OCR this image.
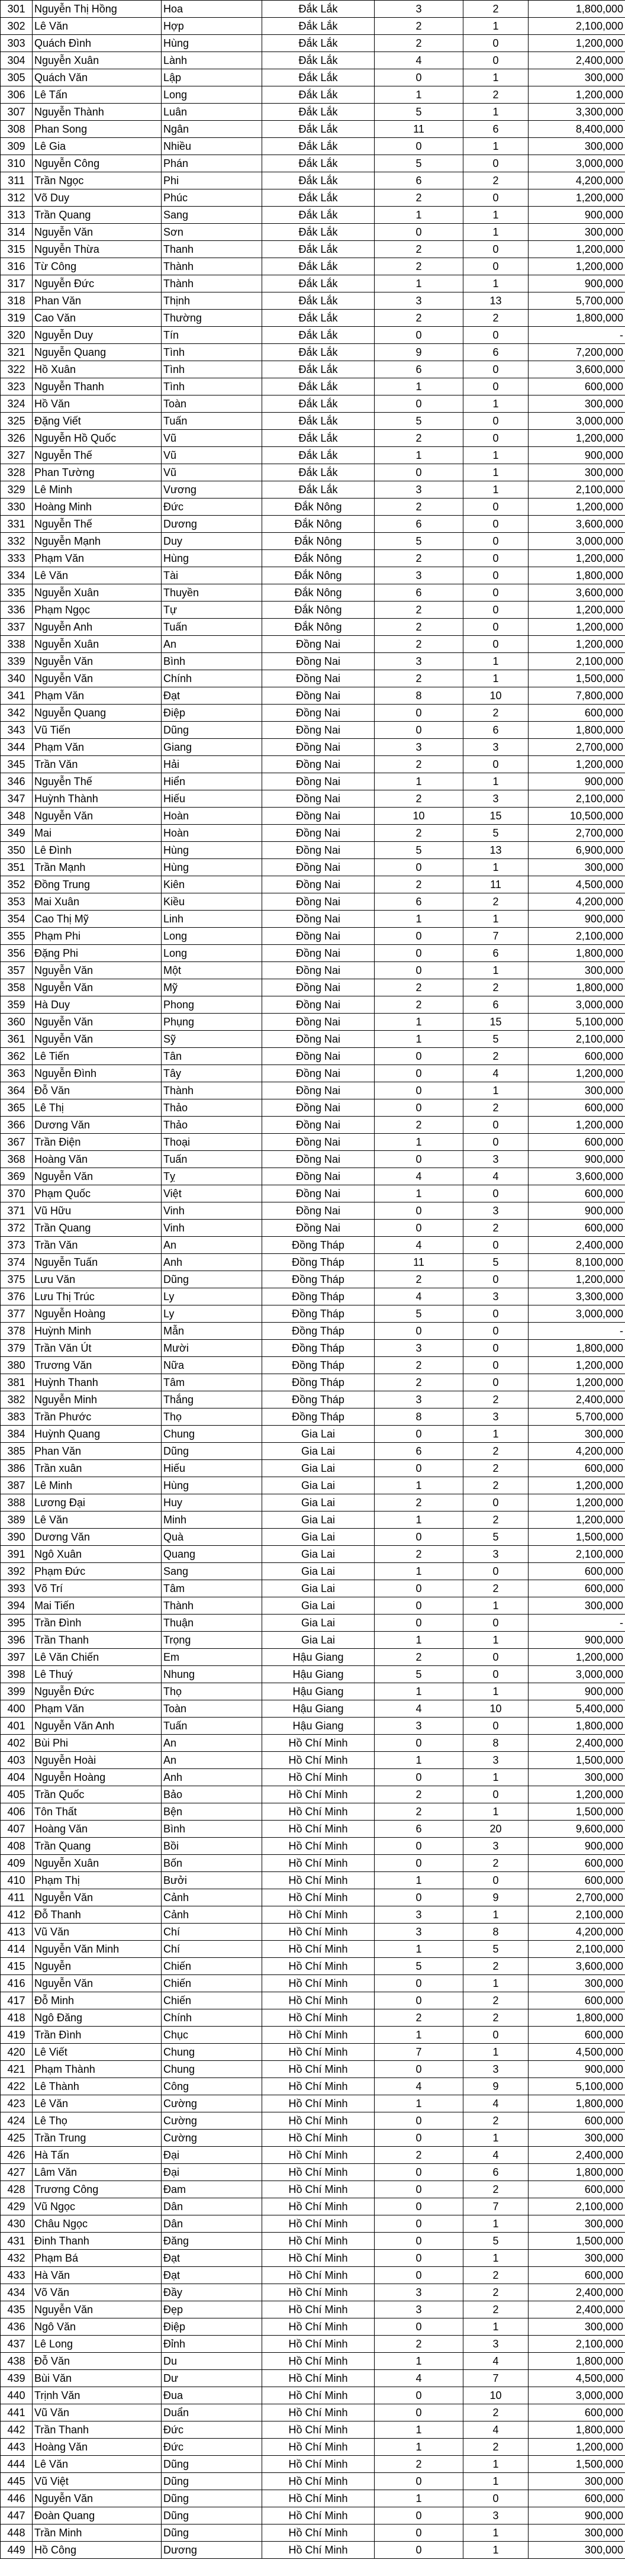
301	Nguyễn Thị Hồng	Hoa	Đắk Lắk	3	2	1,800,000
302	Lê Văn	Hợp	Đắk Lắk	2	1	2,100,000
303	Quách Đình	Hùng	Đắk Lắk	2	0	1,200,000
304	Nguyễn Xuân	Lành	Đắk Lắk	4	0	2,400,000
305	Quách Văn	Lập	Đắk Lắk	0	1	300,000
306	Lê Tấn	Long	Đắk Lắk	1	2	1,200,000
307	Nguyễn Thành	Luân	Đắk Lắk	5	1	3,300,000
308	Phan Song	Ngân	Đắk Lắk	11	6	8,400,000
309	Lê Gia	Nhiều	Đắk Lắk	0	1	300,000
310	Nguyễn Công	Phán	Đắk Lắk	5	0	3,000,000
311	Trần Ngọc	Phi	Đắk Lắk	6	2	4,200,000
312	Võ Duy	Phúc	Đắk Lắk	2	0	1,200,000
313	Trần Quang	Sang	Đắk Lắk	1	1	900,000
314	Nguyễn Văn	Sơn	Đắk Lắk	0	1	300,000
315	Nguyễn Thừa	Thanh	Đắk Lắk	2	0	1,200,000
316	Từ Công	Thành	Đắk Lắk	2	0	1,200,000
317	Nguyễn Đức	Thành	Đắk Lắk	1	1	900,000
318	Phan Văn	Thịnh	Đắk Lắk	3	13	5,700,000
319	Cao Văn	Thường	Đắk Lắk	2	2	1,800,000
320	Nguyễn Duy	Tín	Đắk Lắk	0	0	-
321	Nguyễn Quang	Tình	Đắk Lắk	9	6	7,200,000
322	Hồ Xuân	Tình	Đắk Lắk	6	0	3,600,000
323	Nguyễn Thanh	Tình	Đắk Lắk	1	0	600,000
324	Hồ Văn	Toàn	Đắk Lắk	0	1	300,000
325	Đặng Viết	Tuấn	Đắk Lắk	5	0	3,000,000
326	Nguyễn Hồ Quốc	Vũ	Đắk Lắk	2	0	1,200,000
327	Nguyễn Thế	Vũ	Đắk Lắk	1	1	900,000
328	Phan Tường	Vũ	Đắk Lắk	0	1	300,000
329	Lê Minh	Vương	Đắk Lắk	3	1	2,100,000
330	Hoàng Minh	Đức	Đắk Nông	2	0	1,200,000
331	Nguyễn Thế	Dương	Đắk Nông	6	0	3,600,000
332	Nguyễn Mạnh	Duy	Đắk Nông	5	0	3,000,000
333	Phạm Văn	Hùng	Đắk Nông	2	0	1,200,000
334	Lê Văn	Tài	Đắk Nông	3	0	1,800,000
335	Nguyễn Xuân	Thuyền	Đắk Nông	6	0	3,600,000
336	Phạm Ngọc	Tự	Đắk Nông	2	0	1,200,000
337	Nguyễn Anh	Tuấn	Đắk Nông	2	0	1,200,000
338	Nguyễn Xuân	An	Đồng Nai	2	0	1,200,000
339	Nguyễn Văn	Bình	Đồng Nai	3	1	2,100,000
340	Nguyễn Văn	Chính	Đồng Nai	2	1	1,500,000
341	Phạm Văn	Đạt	Đồng Nai	8	10	7,800,000
342	Nguyễn Quang	Điệp	Đồng Nai	0	2	600,000
343	Vũ Tiến	Dũng	Đồng Nai	0	6	1,800,000
344	Phạm Văn	Giang	Đồng Nai	3	3	2,700,000
345	Trần Văn	Hải	Đồng Nai	2	0	1,200,000
346	Nguyễn Thế	Hiển	Đồng Nai	1	1	900,000
347	Huỳnh Thành	Hiếu	Đồng Nai	2	3	2,100,000
348	Nguyễn Văn	Hoàn	Đồng Nai	10	15	10,500,000
349	Mai	Hoàn	Đồng Nai	2	5	2,700,000
350	Lê Đình	Hùng	Đồng Nai	5	13	6,900,000
351	Trần Mạnh	Hùng	Đồng Nai	0	1	300,000
352	Đồng Trung	Kiên	Đồng Nai	2	11	4,500,000
353	Mai Xuân	Kiều	Đồng Nai	6	2	4,200,000
354	Cao Thị Mỹ	Linh	Đồng Nai	1	1	900,000
355	Phạm Phi	Long	Đồng Nai	0	7	2,100,000
356	Đặng Phi	Long	Đồng Nai	0	6	1,800,000
357	Nguyễn Văn	Một	Đồng Nai	0	1	300,000
358	Nguyễn Văn	Mỹ	Đồng Nai	2	2	1,800,000
359	Hà Duy	Phong	Đồng Nai	2	6	3,000,000
360	Nguyễn Văn	Phụng	Đồng Nai	1	15	5,100,000
361	Nguyễn Văn	Sỹ	Đồng Nai	1	5	2,100,000
362	Lê Tiến	Tân	Đồng Nai	0	2	600,000
363	Nguyễn Đình	Tây	Đồng Nai	0	4	1,200,000
364	Đỗ Văn	Thành	Đồng Nai	0	1	300,000
365	Lê Thị	Thảo	Đồng Nai	0	2	600,000
366	Dương Văn	Thảo	Đồng Nai	2	0	1,200,000
367	Trần Điện	Thoại	Đồng Nai	1	0	600,000
368	Hoàng Văn	Tuấn	Đồng Nai	0	3	900,000
369	Nguyễn Văn	Tỵ	Đồng Nai	4	4	3,600,000
370	Phạm Quốc	Việt	Đồng Nai	1	0	600,000
371	Vũ Hữu	Vinh	Đồng Nai	0	3	900,000
372	Trần Quang	Vinh	Đồng Nai	0	2	600,000
373	Trần Văn	An	Đồng Tháp	4	0	2,400,000
374	Nguyễn Tuấn	Anh	Đồng Tháp	11	5	8,100,000
375	Lưu Văn	Dũng	Đồng Tháp	2	0	1,200,000
376	Lưu Thị Trúc	Ly	Đồng Tháp	4	3	3,300,000
377	Nguyễn Hoàng	Ly	Đồng Tháp	5	0	3,000,000
378	Huỳnh Minh	Mẫn	Đồng Tháp	0	0	-
379	Trần Văn Út	Mười	Đồng Tháp	3	0	1,800,000
380	Trương Văn	Nữa	Đồng Tháp	2	0	1,200,000
381	Huỳnh Thanh	Tâm	Đồng Tháp	2	0	1,200,000
382	Nguyễn Minh	Thắng	Đồng Tháp	3	2	2,400,000
383	Trần Phước	Thọ	Đồng Tháp	8	3	5,700,000
384	Huỳnh Quang	Chung	Gia Lai	0	1	300,000
385	Phan Văn	Dũng	Gia Lai	6	2	4,200,000
386	Trần xuân	Hiếu	Gia Lai	0	2	600,000
387	Lê Minh	Hùng	Gia Lai	1	2	1,200,000
388	Lương Đại	Huy	Gia Lai	2	0	1,200,000
389	Lê Văn	Minh	Gia Lai	1	2	1,200,000
390	Dương Văn	Quà	Gia Lai	0	5	1,500,000
391	Ngô Xuân	Quang	Gia Lai	2	3	2,100,000
392	Phạm Đức	Sang	Gia Lai	1	0	600,000
393	Võ Trí	Tâm	Gia Lai	0	2	600,000
394	Mai Tiến	Thành	Gia Lai	0	1	300,000
395	Trần Đình	Thuận	Gia Lai	0	0	-
396	Trần Thanh	Trọng	Gia Lai	1	1	900,000
397	Lê Văn Chiến	Em	Hậu Giang	2	0	1,200,000
398	Lê Thuý	Nhung	Hậu Giang	5	0	3,000,000
399	Nguyễn Đức	Thọ	Hậu Giang	1	1	900,000
400	Phạm Văn	Toàn	Hậu Giang	4	10	5,400,000
401	Nguyễn Văn Anh	Tuấn	Hậu Giang	3	0	1,800,000
402	Bùi Phi	An	Hồ Chí Minh	0	8	2,400,000
403	Nguyễn Hoài	An	Hồ Chí Minh	1	3	1,500,000
404	Nguyễn Hoàng	Anh	Hồ Chí Minh	0	1	300,000
405	Trần Quốc	Bảo	Hồ Chí Minh	2	0	1,200,000
406	Tôn Thất	Bện	Hồ Chí Minh	2	1	1,500,000
407	Hoàng Văn	Bình	Hồ Chí Minh	6	20	9,600,000
408	Trần Quang	Bồi	Hồ Chí Minh	0	3	900,000
409	Nguyễn Xuân	Bốn	Hồ Chí Minh	0	2	600,000
410	Phạm Thị	Bưởi	Hồ Chí Minh	1	0	600,000
411	Nguyễn Văn	Cảnh	Hồ Chí Minh	0	9	2,700,000
412	Đỗ Thanh	Cảnh	Hồ Chí Minh	3	1	2,100,000
413	Vũ Văn	Chí	Hồ Chí Minh	3	8	4,200,000
414	Nguyễn Văn Minh	Chí	Hồ Chí Minh	1	5	2,100,000
415	Nguyễn	Chiến	Hồ Chí Minh	5	2	3,600,000
416	Nguyễn Văn	Chiến	Hồ Chí Minh	0	1	300,000
417	Đỗ Minh	Chiến	Hồ Chí Minh	0	2	600,000
418	Ngô Đăng	Chính	Hồ Chí Minh	2	2	1,800,000
419	Trần Đình	Chục	Hồ Chí Minh	1	0	600,000
420	Lê Viết	Chung	Hồ Chí Minh	7	1	4,500,000
421	Phạm Thành	Chung	Hồ Chí Minh	0	3	900,000
422	Lê Thành	Công	Hồ Chí Minh	4	9	5,100,000
423	Lê Văn	Cường	Hồ Chí Minh	1	4	1,800,000
424	Lê Thọ	Cường	Hồ Chí Minh	0	2	600,000
425	Trần Trung	Cường	Hồ Chí Minh	0	1	300,000
426	Hà Tấn	Đại	Hồ Chí Minh	2	4	2,400,000
427	Lâm Văn	Đại	Hồ Chí Minh	0	6	1,800,000
428	Trương Công	Đam	Hồ Chí Minh	0	2	600,000
429	Vũ Ngọc	Dân	Hồ Chí Minh	0	7	2,100,000
430	Châu Ngọc	Dân	Hồ Chí Minh	0	1	300,000
431	Đinh Thanh	Đăng	Hồ Chí Minh	0	5	1,500,000
432	Phạm Bá	Đạt	Hồ Chí Minh	0	1	300,000
433	Hà Văn	Đạt	Hồ Chí Minh	0	2	600,000
434	Võ Văn	Đầy	Hồ Chí Minh	3	2	2,400,000
435	Nguyễn Văn	Đẹp	Hồ Chí Minh	3	2	2,400,000
436	Ngô Văn	Điệp	Hồ Chí Minh	0	1	300,000
437	Lê Long	Đỉnh	Hồ Chí Minh	2	3	2,100,000
438	Đỗ Văn	Du	Hồ Chí Minh	1	4	1,800,000
439	Bùi Văn	Dư	Hồ Chí Minh	4	7	4,500,000
440	Trịnh Văn	Đua	Hồ Chí Minh	0	10	3,000,000
441	Vũ Văn	Duẩn	Hồ Chí Minh	0	2	600,000
442	Trần Thanh	Đức	Hồ Chí Minh	1	4	1,800,000
443	Hoàng Văn	Đức	Hồ Chí Minh	1	2	1,200,000
444	Lê Văn	Dũng	Hồ Chí Minh	2	1	1,500,000
445	Vũ Việt	Dũng	Hồ Chí Minh	0	1	300,000
446	Nguyễn Văn	Dũng	Hồ Chí Minh	1	0	600,000
447	Đoàn Quang	Dũng	Hồ Chí Minh	0	3	900,000
448	Trần Minh	Dũng	Hồ Chí Minh	0	1	300,000
449	Hồ Công	Dương	Hồ Chí Minh	0	1	300,000
